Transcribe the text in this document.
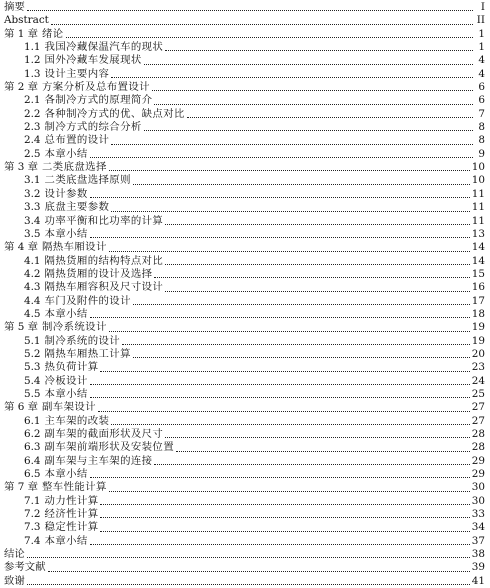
摘要	I
Abstract	II
第 1 章 绪论	1
1.1 我国冷藏保温汽车的现状	1
1.2 国外冷藏车发展现状	4
1.3 设计主要内容	4
第 2 章 方案分析及总布置设计	6
2.1 各制冷方式的原理简介	6
2.2 各种制冷方式的优、缺点对比	7
2.3 制冷方式的综合分析	8
2.4 总布置的设计	8
2.5 本章小结	9
第 3 章 二类底盘选择	10
3.1 二类底盘选择原则	10
3.2 设计参数	11
3.3 底盘主要参数	11
3.4 功率平衡和比功率的计算	11
3.5 本章小结	13
第 4 章 隔热车厢设计	14
4.1 隔热货厢的结构特点对比	14
4.2 隔热货厢的设计及选择	15
4.3 隔热车厢容积及尺寸设计	16
4.4 车门及附件的设计	17
4.5 本章小结	18
第 5 章 制冷系统设计	19
5.1 制冷系统的设计	19
5.2 隔热车厢热工计算	20
5.3 热负荷计算	23
5.4 冷板设计	24
5.5 本章小结	25
第 6 章 副车架设计	27
6.1 主车架的改装	27
6.2 副车架的截面形状及尺寸	28
6.3 副车架前端形状及安装位置	28
6.4 副车架与主车架的连接	29
6.5 本章小结	29
第 7 章 整车性能计算	30
7.1 动力性计算	30
7.2 经济性计算	33
7.3 稳定性计算	34
7.4 本章小结	37
结论	38
参考文献	39
致谢	41
